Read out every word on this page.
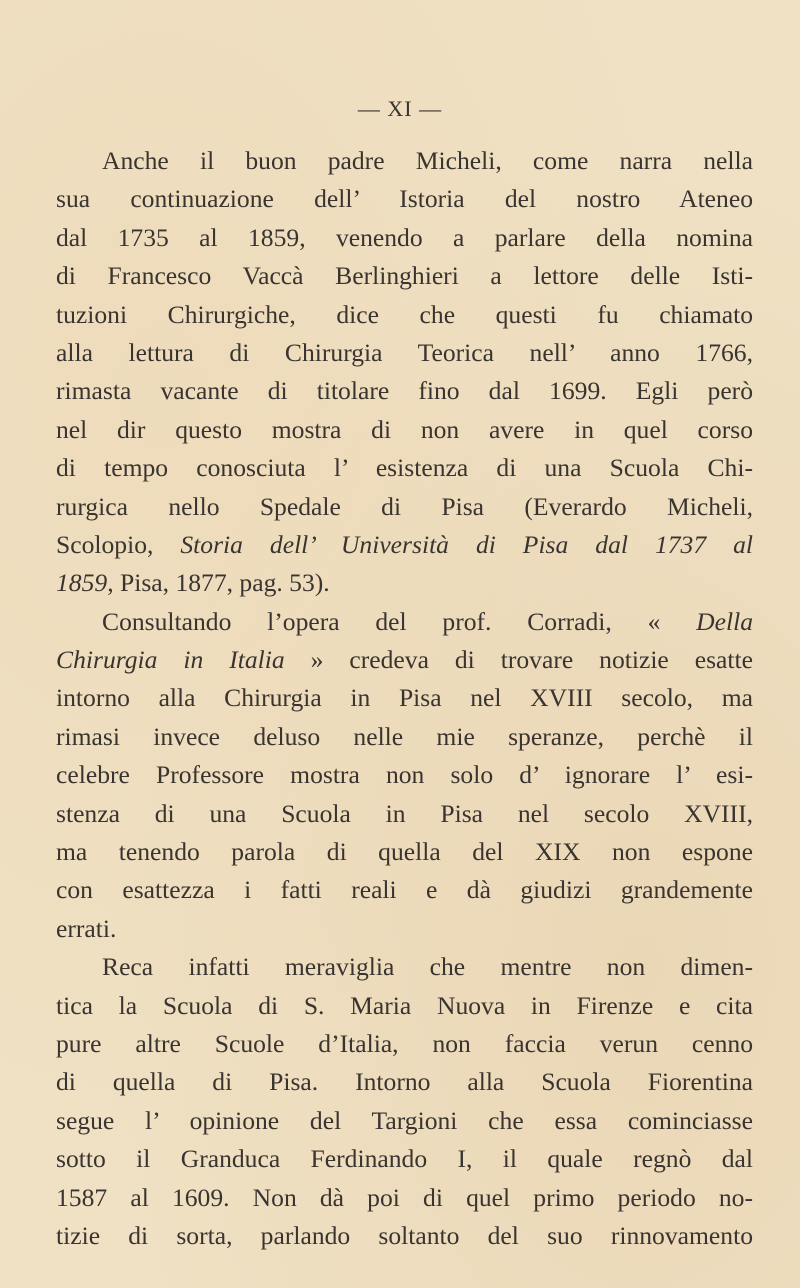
— XI —
Anche il buon padre Micheli, come narra nella
sua continuazione dell’ Istoria del nostro Ateneo
dal 1735 al 1859, venendo a parlare della nomina
di Francesco Vaccà Berlinghieri a lettore delle Isti-
tuzioni Chirurgiche, dice che questi fu chiamato
alla lettura di Chirurgia Teorica nell’ anno 1766,
rimasta vacante di titolare fino dal 1699. Egli però
nel dir questo mostra di non avere in quel corso
di tempo conosciuta l’ esistenza di una Scuola Chi-
rurgica nello Spedale di Pisa (Everardo Micheli,
Scolopio, Storia dell’ Università di Pisa dal 1737 al
1859, Pisa, 1877, pag. 53).
Consultando l’opera del prof. Corradi, « Della
Chirurgia in Italia » credeva di trovare notizie esatte
intorno alla Chirurgia in Pisa nel XVIII secolo, ma
rimasi invece deluso nelle mie speranze, perchè il
celebre Professore mostra non solo d’ ignorare l’ esi-
stenza di una Scuola in Pisa nel secolo XVIII,
ma tenendo parola di quella del XIX non espone
con esattezza i fatti reali e dà giudizi grandemente
errati.
Reca infatti meraviglia che mentre non dimen-
tica la Scuola di S. Maria Nuova in Firenze e cita
pure altre Scuole d’Italia, non faccia verun cenno
di quella di Pisa. Intorno alla Scuola Fiorentina
segue l’ opinione del Targioni che essa cominciasse
sotto il Granduca Ferdinando I, il quale regnò dal
1587 al 1609. Non dà poi di quel primo periodo no-
tizie di sorta, parlando soltanto del suo rinnovamento
